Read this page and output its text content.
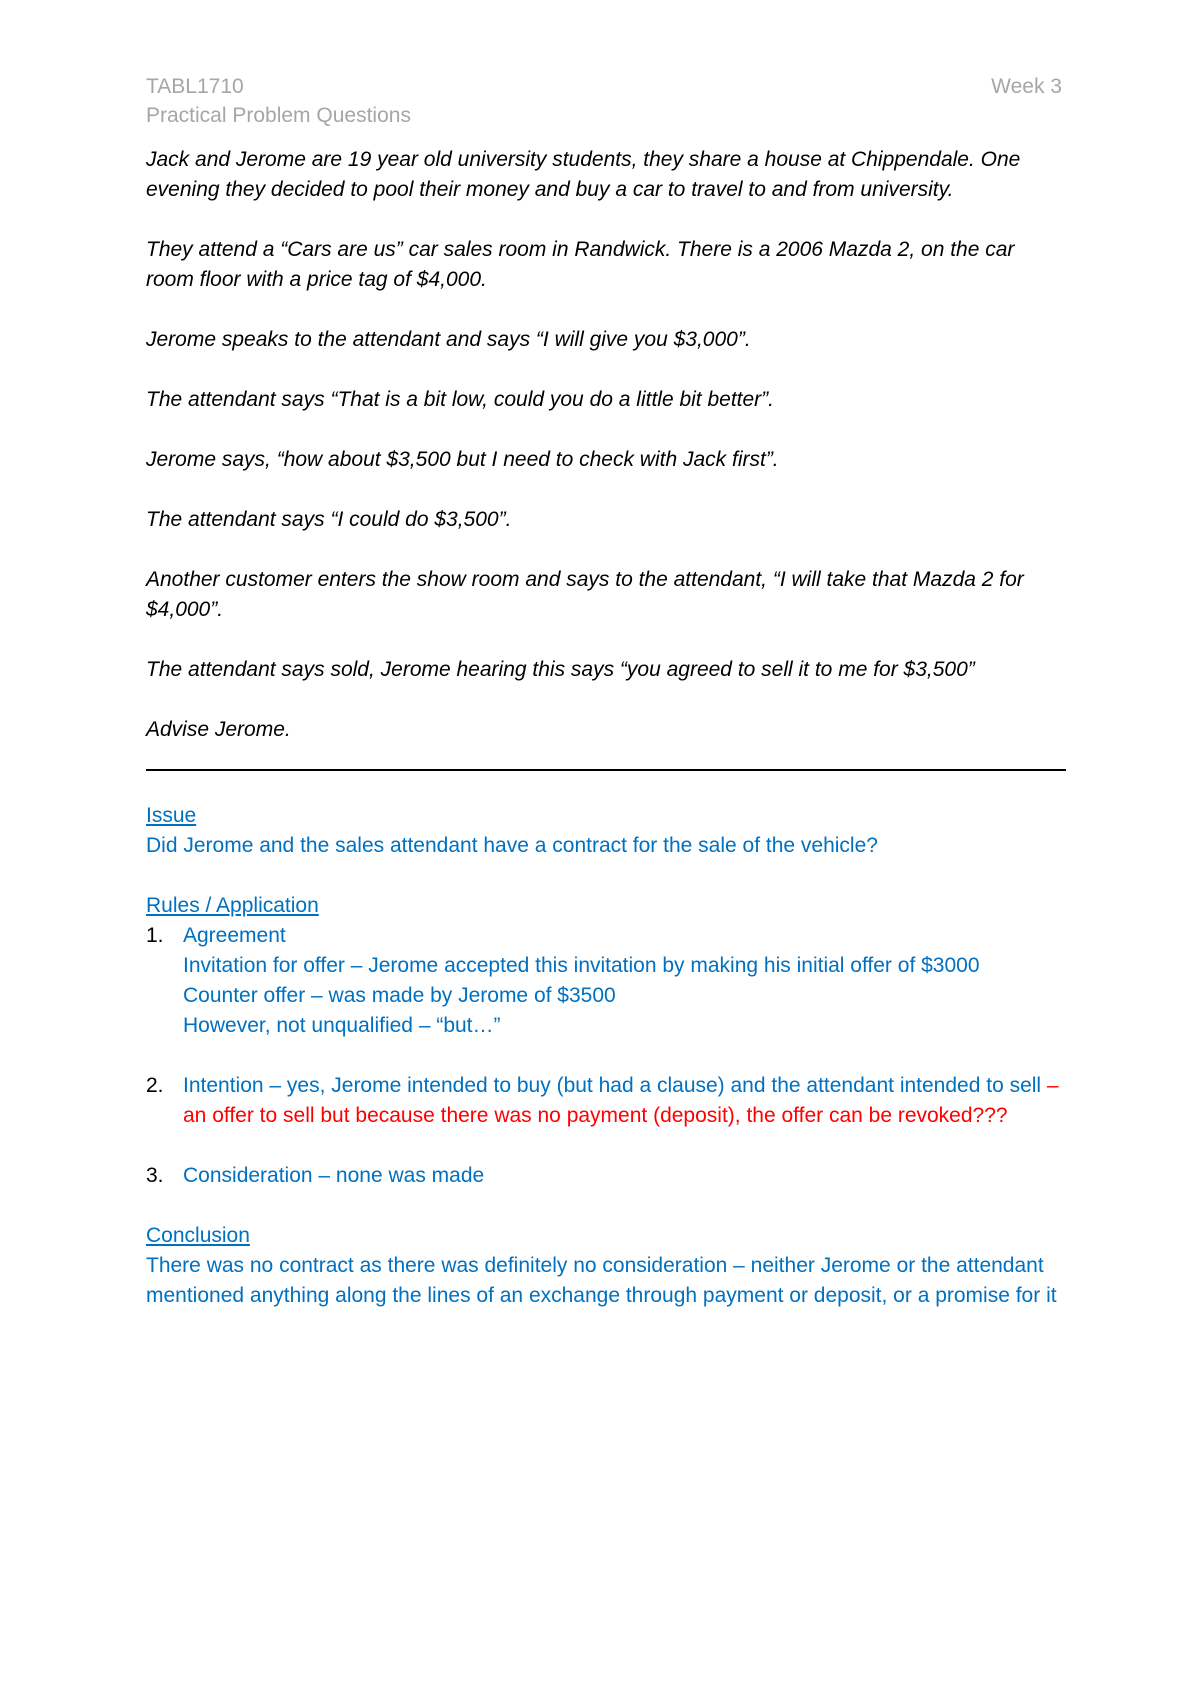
TABL1710
Practical Problem Questions
Week 3

Jack and Jerome are 19 year old university students, they share a house at Chippendale. One evening they decided to pool their money and buy a car to travel to and from university.

They attend a “Cars are us” car sales room in Randwick. There is a 2006 Mazda 2, on the car room floor with a price tag of $4,000.

Jerome speaks to the attendant and says “I will give you $3,000”.

The attendant says “That is a bit low, could you do a little bit better”.

Jerome says, “how about $3,500 but I need to check with Jack first”.

The attendant says “I could do $3,500”.

Another customer enters the show room and says to the attendant, “I will take that Mazda 2 for $4,000”.

The attendant says sold, Jerome hearing this says “you agreed to sell it to me for $3,500”

Advise Jerome.

Issue
Did Jerome and the sales attendant have a contract for the sale of the vehicle?
Rules / Application
1. Agreement
Invitation for offer – Jerome accepted this invitation by making his initial offer of $3000
Counter offer – was made by Jerome of $3500
However, not unqualified – “but…”
2. Intention – yes, Jerome intended to buy (but had a clause) and the attendant intended to sell – an offer to sell but because there was no payment (deposit), the offer can be revoked???
3. Consideration – none was made
Conclusion
There was no contract as there was definitely no consideration – neither Jerome or the attendant mentioned anything along the lines of an exchange through payment or deposit, or a promise for it
